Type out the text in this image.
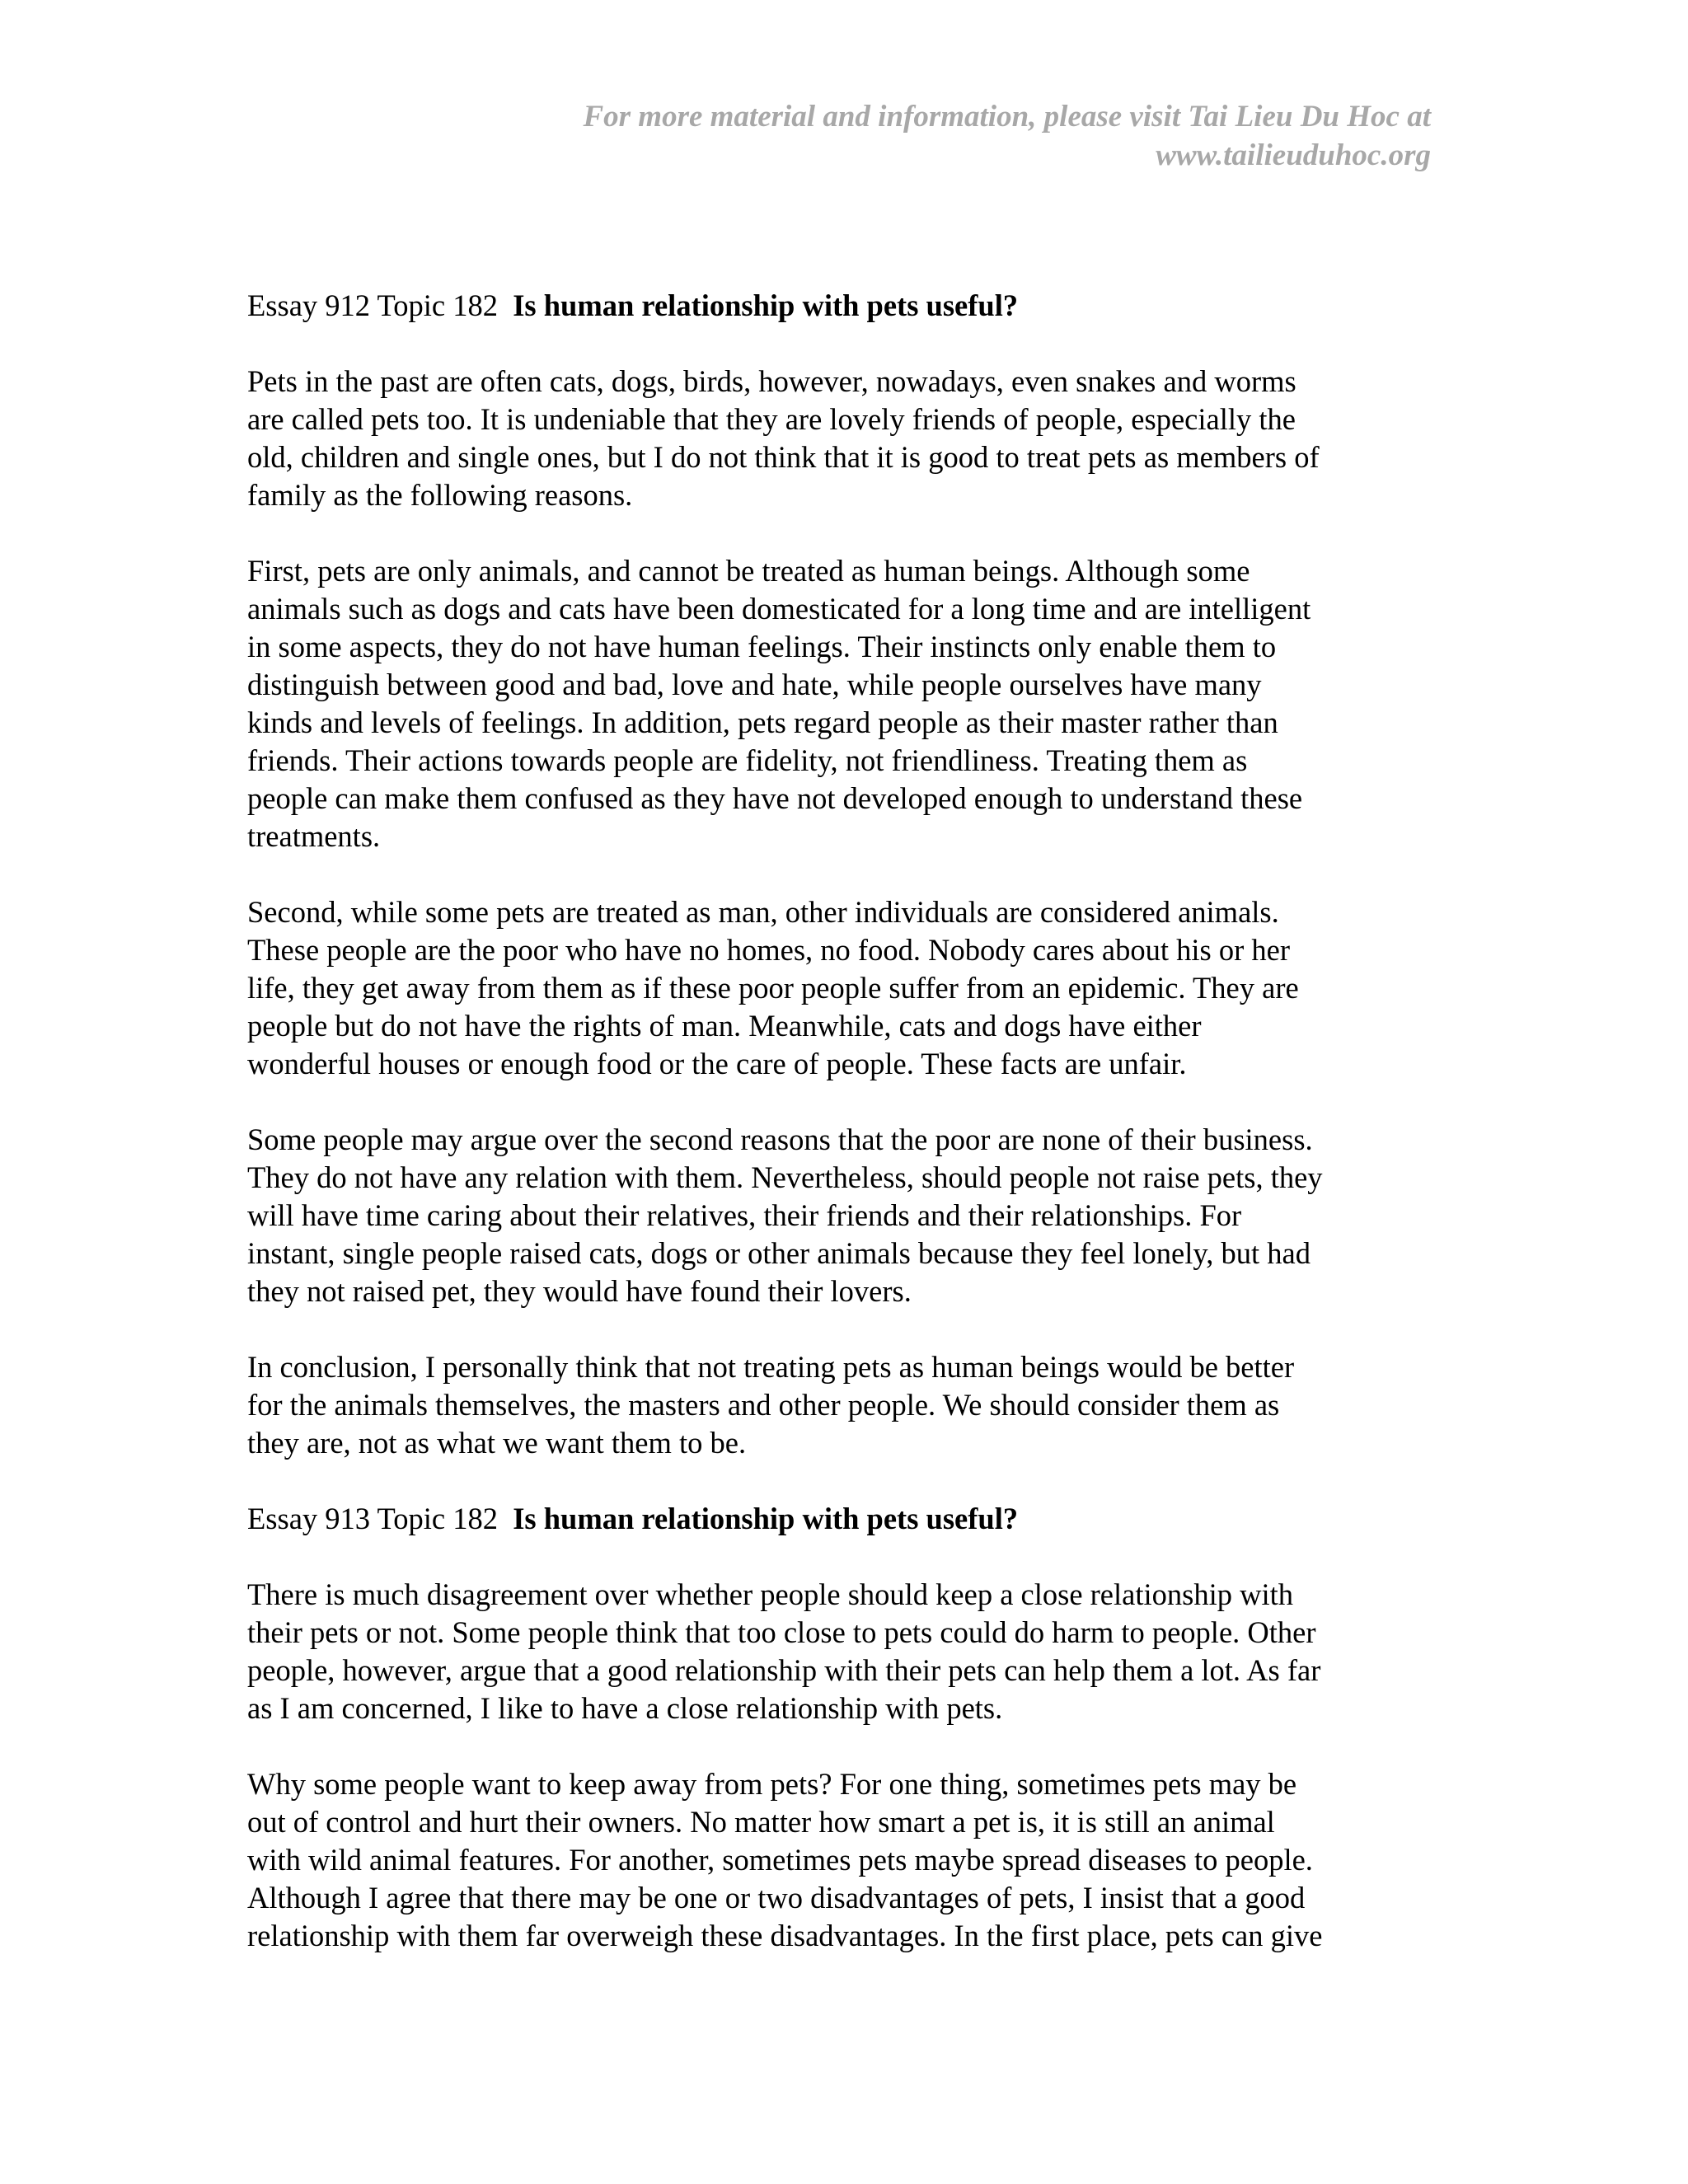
For more material and information, please visit Tai Lieu Du Hoc at
www.tailieuduhoc.org
Essay 912 Topic 182 Is human relationship with pets useful?
Pets in the past are often cats, dogs, birds, however, nowadays, even snakes and worms
are called pets too. It is undeniable that they are lovely friends of people, especially the
old, children and single ones, but I do not think that it is good to treat pets as members of
family as the following reasons.
First, pets are only animals, and cannot be treated as human beings. Although some
animals such as dogs and cats have been domesticated for a long time and are intelligent
in some aspects, they do not have human feelings. Their instincts only enable them to
distinguish between good and bad, love and hate, while people ourselves have many
kinds and levels of feelings. In addition, pets regard people as their master rather than
friends. Their actions towards people are fidelity, not friendliness. Treating them as
people can make them confused as they have not developed enough to understand these
treatments.
Second, while some pets are treated as man, other individuals are considered animals.
These people are the poor who have no homes, no food. Nobody cares about his or her
life, they get away from them as if these poor people suffer from an epidemic. They are
people but do not have the rights of man. Meanwhile, cats and dogs have either
wonderful houses or enough food or the care of people. These facts are unfair.
Some people may argue over the second reasons that the poor are none of their business.
They do not have any relation with them. Nevertheless, should people not raise pets, they
will have time caring about their relatives, their friends and their relationships. For
instant, single people raised cats, dogs or other animals because they feel lonely, but had
they not raised pet, they would have found their lovers.
In conclusion, I personally think that not treating pets as human beings would be better
for the animals themselves, the masters and other people. We should consider them as
they are, not as what we want them to be.
Essay 913 Topic 182 Is human relationship with pets useful?
There is much disagreement over whether people should keep a close relationship with
their pets or not. Some people think that too close to pets could do harm to people. Other
people, however, argue that a good relationship with their pets can help them a lot. As far
as I am concerned, I like to have a close relationship with pets.
Why some people want to keep away from pets? For one thing, sometimes pets may be
out of control and hurt their owners. No matter how smart a pet is, it is still an animal
with wild animal features. For another, sometimes pets maybe spread diseases to people.
Although I agree that there may be one or two disadvantages of pets, I insist that a good
relationship with them far overweigh these disadvantages. In the first place, pets can give
